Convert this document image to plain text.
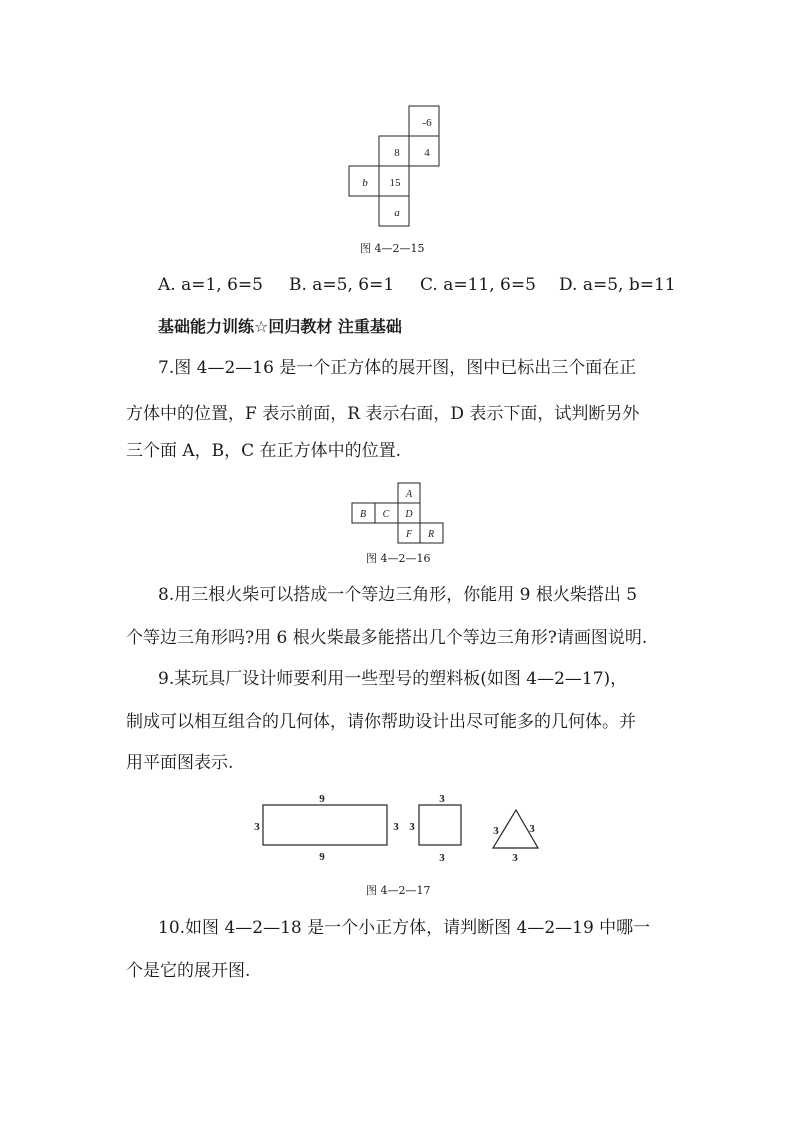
-6
8 4
b 15
a
图 4—2—15
A. a=1, 6=5 B. a=5, 6=1 C. a=11, 6=5 D. a=5, b=11
基础能力训练☆回归教材 注重基础
7.图 4—2—16 是一个正方体的展开图，图中已标出三个面在正
方体中的位置，F 表示前面，R 表示右面，D 表示下面，试判断另外
三个面 A，B，C 在正方体中的位置.
A
B C D
F R
图 4—2—16
8.用三根火柴可以搭成一个等边三角形，你能用 9 根火柴搭出 5
个等边三角形吗?用 6 根火柴最多能搭出几个等边三角形?请画图说明.
9.某玩具厂设计师要利用一些型号的塑料板(如图 4—2—17)，
制成可以相互组合的几何体，请你帮助设计出尽可能多的几何体。并
用平面图表示.
9
9
3	3
3
3
3	3	3
3
图 4—2—17
10.如图 4—2—18 是一个小正方体，请判断图 4—2—19 中哪一
个是它的展开图.
